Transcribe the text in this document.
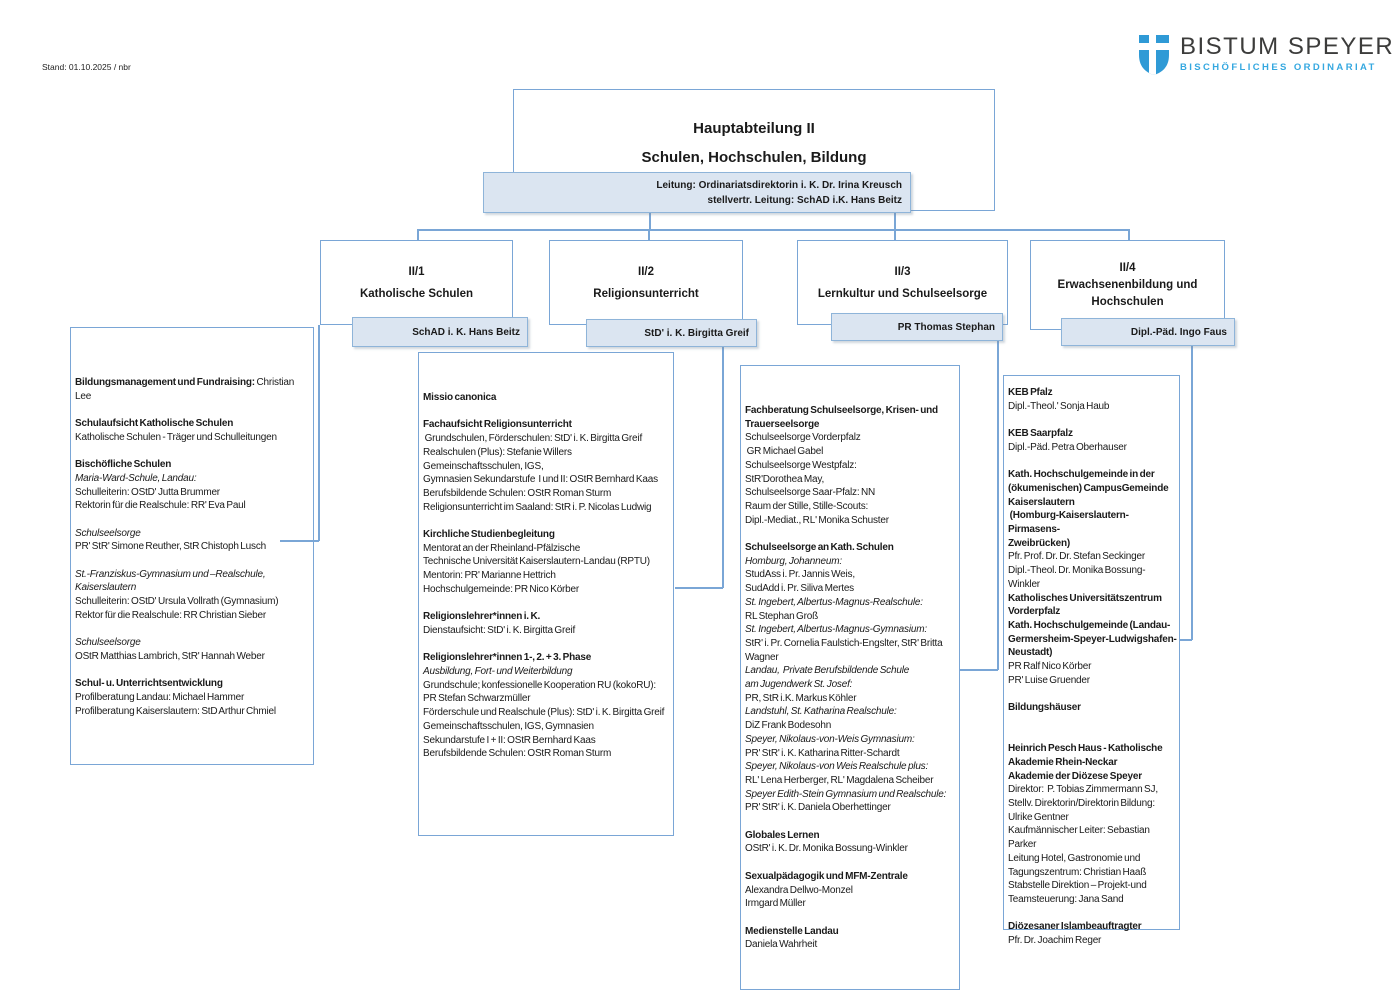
Stand: 01.10.2025 / nbr
BISTUM SPEYER
BISCHÖFLICHES ORDINARIAT
Hauptabteilung II
Schulen, Hochschulen, Bildung
Leitung: Ordinariatsdirektorin i. K. Dr. Irina Kreusch
stellvertr. Leitung: SchAD i.K. Hans Beitz
II/1
Katholische Schulen
II/2
Religionsunterricht
II/3
Lernkultur und Schulseelsorge
II/4
Erwachsenenbildung und Hochschulen
SchAD i. K. Hans Beitz	StD' i. K. Birgitta Greif
PR Thomas Stephan	Dipl.-Päd. Ingo Faus
Bildungsmanagement und Fundraising: Christian Lee
Schulaufsicht Katholische Schulen
Katholische Schulen - Träger und Schulleitungen
Bischöfliche Schulen
Maria-Ward-Schule, Landau:
Schulleiterin: OStD' Jutta Brummer
Rektorin für die Realschule: RR' Eva Paul
Schulseelsorge
PR' StR' Simone Reuther, StR Chistoph Lusch
St.-Franziskus-Gymnasium und –Realschule,
Kaiserslautern
Schulleiterin: OStD' Ursula Vollrath (Gymnasium)
Rektor für die Realschule: RR Christian Sieber
Schulseelsorge
OStR Matthias Lambrich, StR' Hannah Weber
Schul- u. Unterrichtsentwicklung
Profilberatung Landau: Michael Hammer
Profilberatung Kaiserslautern: StD Arthur Chmiel
Missio canonica
Fachaufsicht Religionsunterricht
Grundschulen, Förderschulen: StD' i. K. Birgitta Greif
Realschulen (Plus): Stefanie Willers
Gemeinschaftsschulen, IGS,
Gymnasien Sekundarstufe  I und II: OStR Bernhard Kaas
Berufsbildende Schulen: OStR Roman Sturm
Religionsunterricht im Saaland: StR i. P. Nicolas Ludwig
Kirchliche Studienbegleitung
Mentorat an der Rheinland-Pfälzische
Technische Universität Kaiserslautern-Landau (RPTU)
Mentorin: PR' Marianne Hettrich
Hochschulgemeinde: PR Nico Körber
Religionslehrer*innen i. K.
Dienstaufsicht: StD' i. K. Birgitta Greif
Religionslehrer*innen 1-, 2. + 3. Phase
Ausbildung, Fort- und Weiterbildung
Grundschule; konfessionelle Kooperation RU (kokoRU):
PR Stefan Schwarzmüller
Förderschule und Realschule (Plus): StD' i. K. Birgitta Greif
Gemeinschaftsschulen, IGS, Gymnasien
Sekundarstufe I + II: OStR Bernhard Kaas
Berufsbildende Schulen: OStR Roman Sturm
Fachberatung Schulseelsorge, Krisen- und
Trauerseelsorge
Schulseelsorge Vorderpfalz
GR Michael Gabel
Schulseelsorge Westpfalz:
StR'Dorothea May,
Schulseelsorge Saar-Pfalz: NN
Raum der Stille, Stille-Scouts:
Dipl.-Mediat., RL' Monika Schuster
Schulseelsorge an Kath. Schulen
Homburg, Johanneum:
StudAss i. Pr. Jannis Weis,
SudAdd i. Pr. Siliva Mertes
St. Ingebert, Albertus-Magnus-Realschule:
RL Stephan Groß
St. Ingebert, Albertus-Magnus-Gymnasium:
StR' i. Pr. Cornelia Faulstich-Engslter, StR' Britta
Wagner
Landau,  Private Berufsbildende Schule
am Jugendwerk St. Josef:
PR, StR i.K. Markus Köhler
Landstuhl, St. Katharina Realschule:
DiZ Frank Bodesohn
Speyer, Nikolaus-von-Weis Gymnasium:
PR' StR' i. K. Katharina Ritter-Schardt
Speyer, Nikolaus-von Weis Realschule plus:
RL' Lena Herberger, RL' Magdalena Scheiber
Speyer Edith-Stein Gymnasium und Realschule:
PR' StR' i. K. Daniela Oberhettinger
Globales Lernen
OStR' i. K. Dr. Monika Bossung-Winkler
Sexualpädagogik und MFM-Zentrale
Alexandra Dellwo-Monzel
Irmgard Müller
Medienstelle Landau
Daniela Wahrheit
KEB Pfalz
Dipl.-Theol.' Sonja Haub
KEB Saarpfalz
Dipl.-Päd. Petra Oberhauser
Kath. Hochschulgemeinde in der
(ökumenischen) CampusGemeinde
Kaiserslautern
(Homburg-Kaiserslautern-Pirmasens-
Zweibrücken)
Pfr. Prof. Dr. Dr. Stefan Seckinger
Dipl.-Theol. Dr. Monika Bossung-Winkler
Katholisches Universitätszentrum
Vorderpfalz
Kath. Hochschulgemeinde (Landau-
Germersheim-Speyer-Ludwigshafen-
Neustadt)
PR Ralf Nico Körber
PR' Luise Gruender
Bildungshäuser
Heinrich Pesch Haus - Katholische
Akademie Rhein-Neckar
Akademie der Diözese Speyer
Direktor:  P. Tobias Zimmermann SJ,
Stellv. Direktorin/Direktorin Bildung:
Ulrike Gentner
Kaufmännischer Leiter: Sebastian Parker
Leitung Hotel, Gastronomie und
Tagungszentrum: Christian Haaß
Stabstelle Direktion – Projekt-und
Teamsteuerung: Jana Sand
Diözesaner Islambeauftragter
Pfr. Dr. Joachim Reger
